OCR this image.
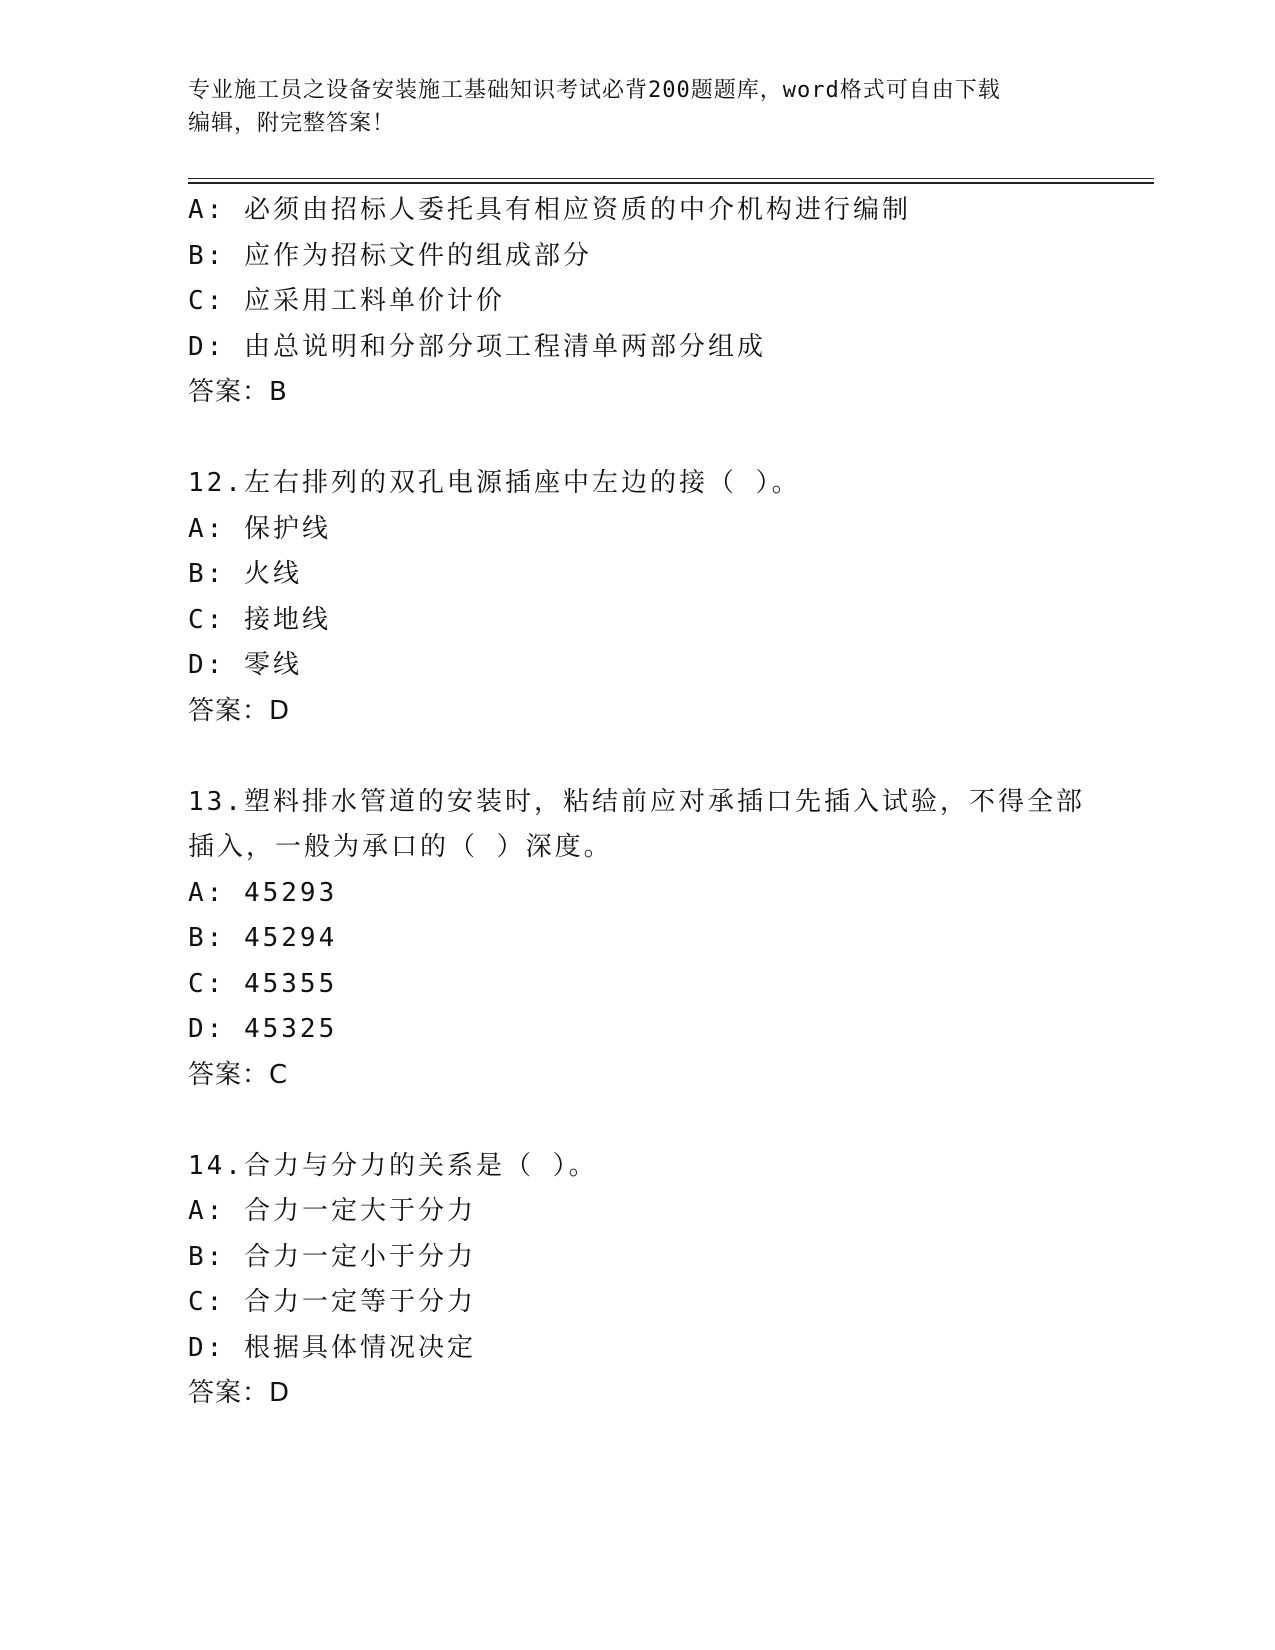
专业施工员之设备安装施工基础知识考试必背200题题库，word格式可自由下载
编辑，附完整答案！
A: 必须由招标人委托具有相应资质的中介机构进行编制
B: 应作为招标文件的组成部分
C: 应采用工料单价计价
D: 由总说明和分部分项工程清单两部分组成
答案：B
12.左右排列的双孔电源插座中左边的接（ ）。
A: 保护线
B: 火线
C: 接地线
D: 零线
答案：D
13.塑料排水管道的安装时，粘结前应对承插口先插入试验，不得全部
插入，一般为承口的（ ）深度。
A: 45293
B: 45294
C: 45355
D: 45325
答案：C
14.合力与分力的关系是（ ）。
A: 合力一定大于分力
B: 合力一定小于分力
C: 合力一定等于分力
D: 根据具体情况决定
答案：D
